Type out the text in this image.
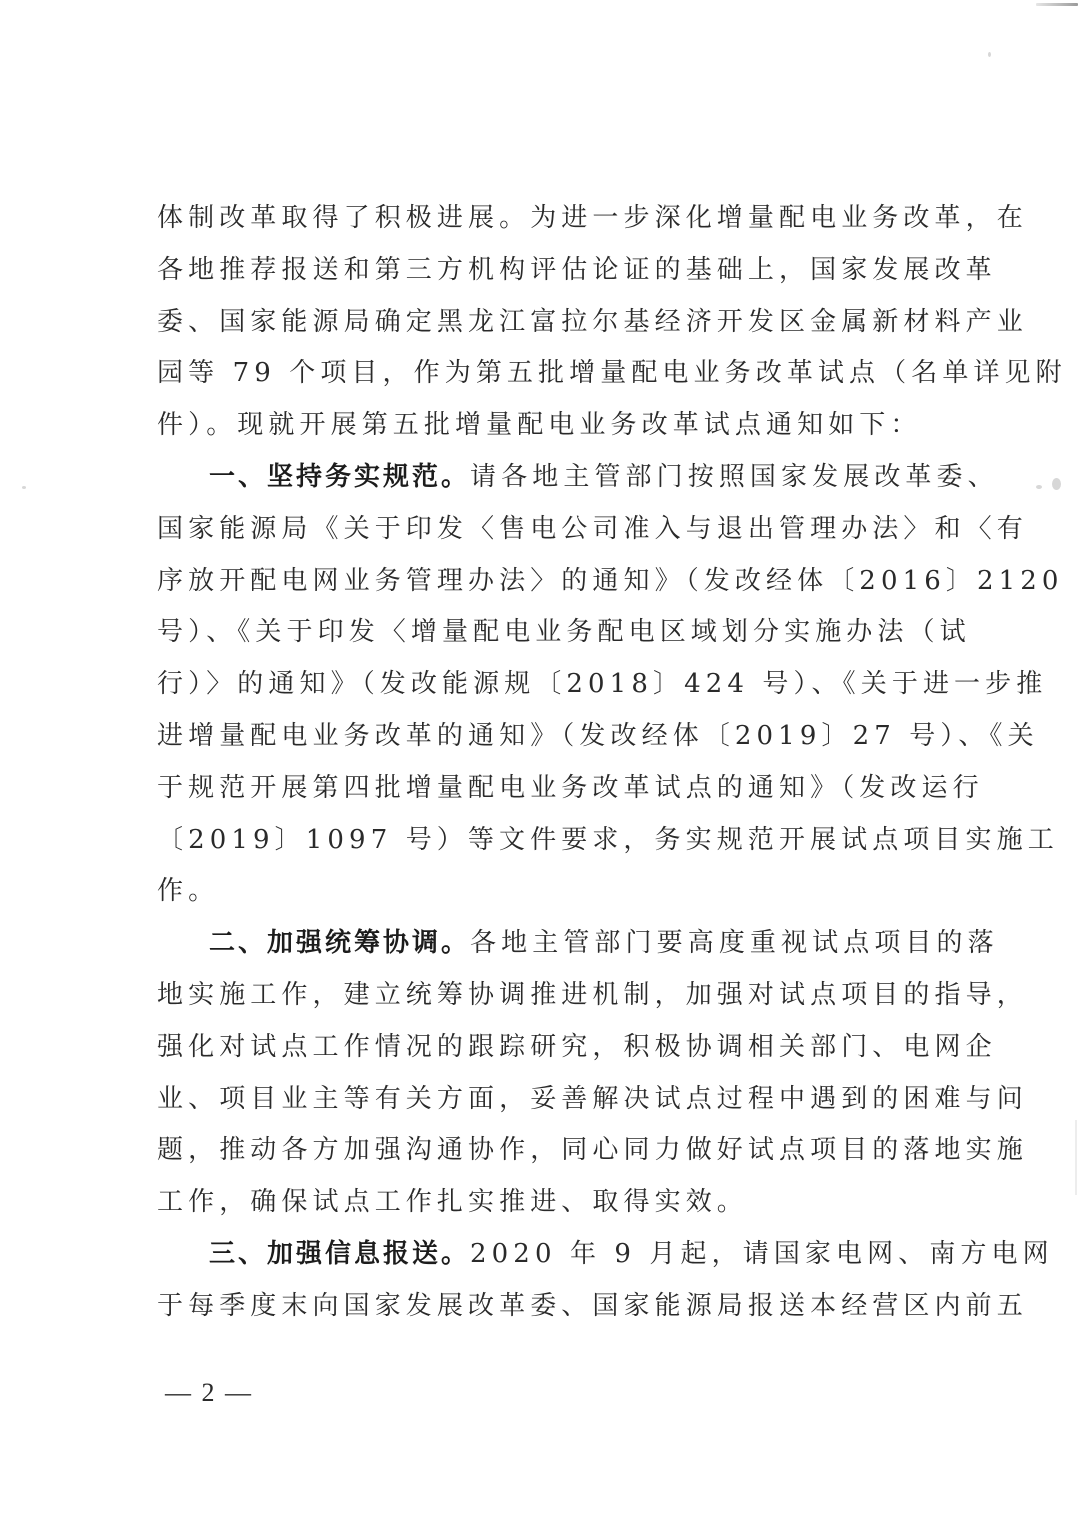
体制改革取得了积极进展。为进一步深化增量配电业务改革，在
各地推荐报送和第三方机构评估论证的基础上，国家发展改革
委、国家能源局确定黑龙江富拉尔基经济开发区金属新材料产业
园等 79 个项目，作为第五批增量配电业务改革试点（名单详见附
件）。现就开展第五批增量配电业务改革试点通知如下：
一、坚持务实规范。请各地主管部门按照国家发展改革委、
国家能源局《关于印发〈售电公司准入与退出管理办法〉和〈有
序放开配电网业务管理办法〉的通知》（发改经体〔2016〕2120
号）、《关于印发〈增量配电业务配电区域划分实施办法（试
行）〉的通知》（发改能源规〔2018〕424 号）、《关于进一步推
进增量配电业务改革的通知》（发改经体〔2019〕27 号）、《关
于规范开展第四批增量配电业务改革试点的通知》（发改运行
〔2019〕1097 号）等文件要求，务实规范开展试点项目实施工
作。
二、加强统筹协调。各地主管部门要高度重视试点项目的落
地实施工作，建立统筹协调推进机制，加强对试点项目的指导，
强化对试点工作情况的跟踪研究，积极协调相关部门、电网企
业、项目业主等有关方面，妥善解决试点过程中遇到的困难与问
题，推动各方加强沟通协作，同心同力做好试点项目的落地实施
工作，确保试点工作扎实推进、取得实效。
三、加强信息报送。2020 年 9 月起，请国家电网、南方电网
于每季度末向国家发展改革委、国家能源局报送本经营区内前五
— 2 —
